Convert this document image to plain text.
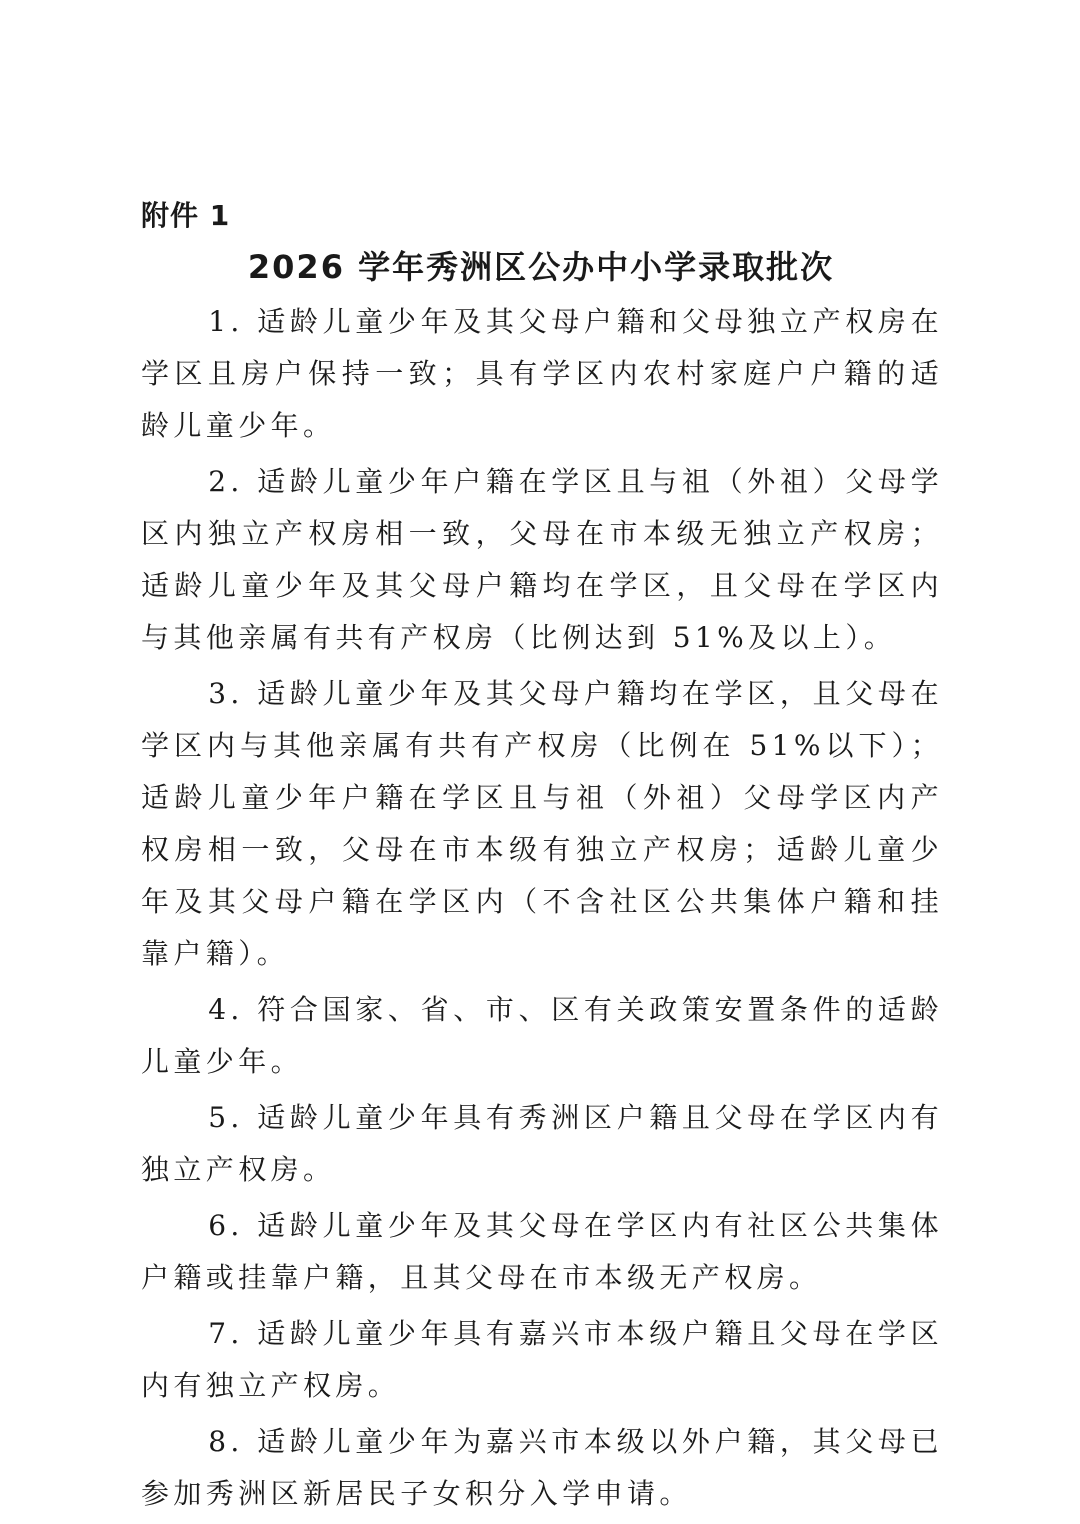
附件 1
2026 学年秀洲区公办中小学录取批次

1. 适龄儿童少年及其父母户籍和父母独立产权房在学区且房户保持一致；具有学区内农村家庭户户籍的适龄儿童少年。

2. 适龄儿童少年户籍在学区且与祖（外祖）父母学区内独立产权房相一致，父母在市本级无独立产权房；适龄儿童少年及其父母户籍均在学区，且父母在学区内与其他亲属有共有产权房（比例达到 51%及以上）。

3. 适龄儿童少年及其父母户籍均在学区，且父母在学区内与其他亲属有共有产权房（比例在 51%以下）；适龄儿童少年户籍在学区且与祖（外祖）父母学区内产权房相一致，父母在市本级有独立产权房；适龄儿童少年及其父母户籍在学区内（不含社区公共集体户籍和挂靠户籍）。

4. 符合国家、省、市、区有关政策安置条件的适龄儿童少年。

5. 适龄儿童少年具有秀洲区户籍且父母在学区内有独立产权房。

6. 适龄儿童少年及其父母在学区内有社区公共集体户籍或挂靠户籍，且其父母在市本级无产权房。

7. 适龄儿童少年具有嘉兴市本级户籍且父母在学区内有独立产权房。

8. 适龄儿童少年为嘉兴市本级以外户籍，其父母已参加秀洲区新居民子女积分入学申请。
